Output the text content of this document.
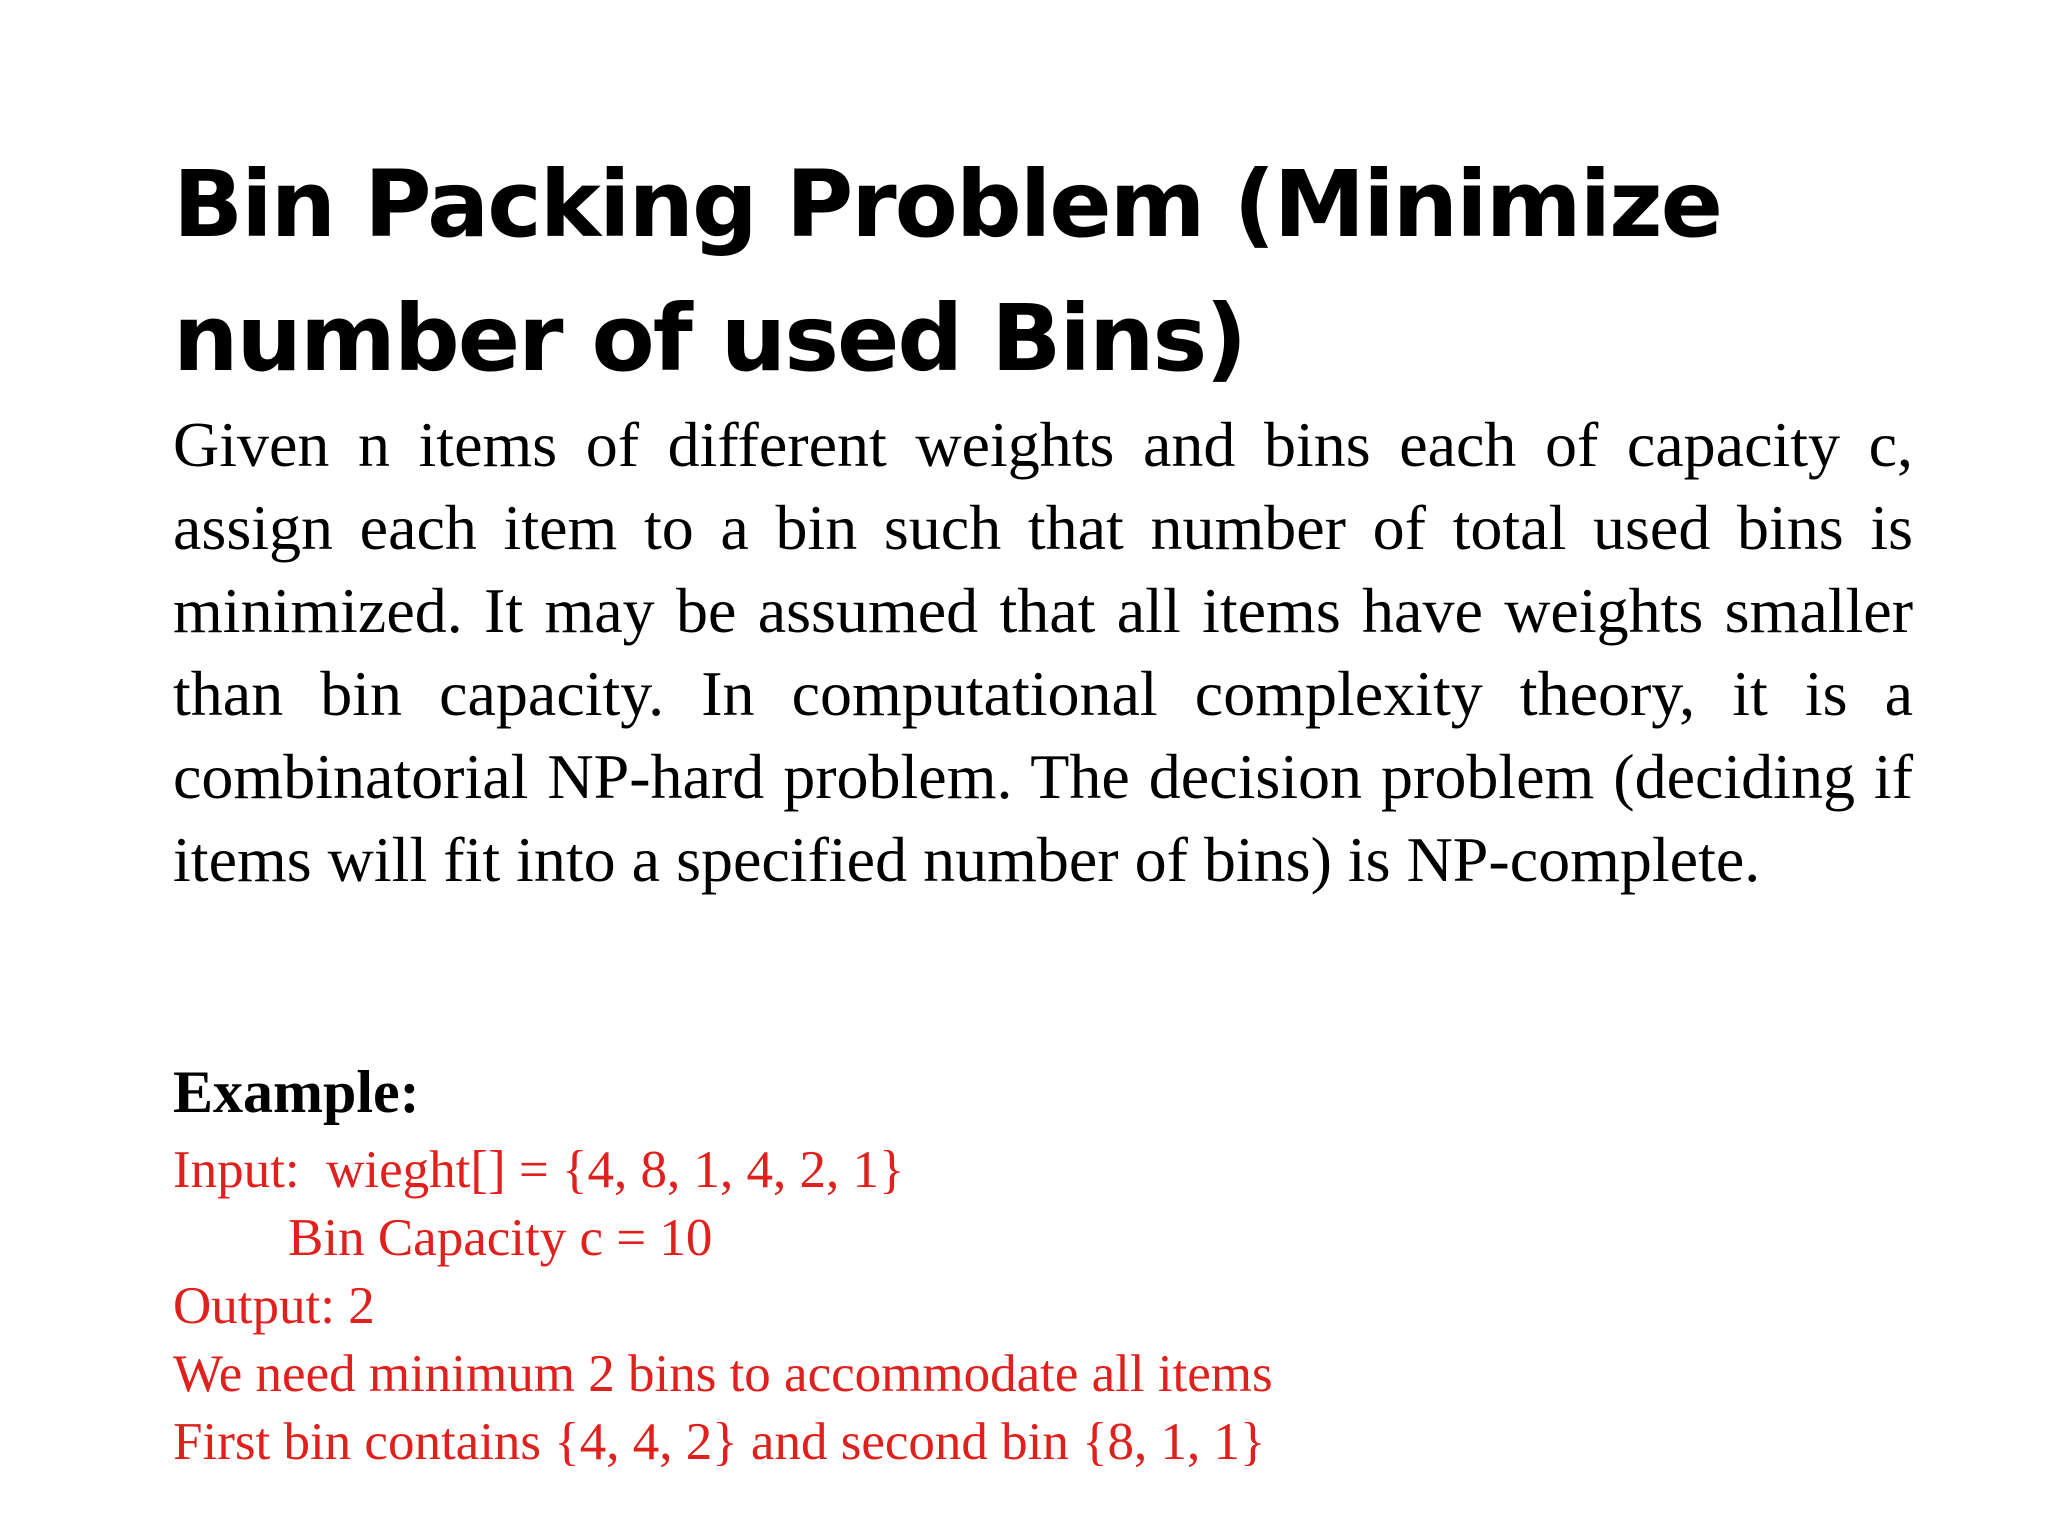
Bin Packing Problem (Minimize number of used Bins)

Given n items of different weights and bins each of capacity c, assign each item to a bin such that number of total used bins is minimized. It may be assumed that all items have weights smaller than bin capacity. In computational complexity theory, it is a combinatorial NP-hard problem. The decision problem (deciding if items will fit into a specified number of bins) is NP-complete.

Example:

Input:  wieght[] = {4, 8, 1, 4, 2, 1}

Bin Capacity c = 10

Output: 2

We need minimum 2 bins to accommodate all items

First bin contains {4, 4, 2} and second bin {8, 1, 1}
